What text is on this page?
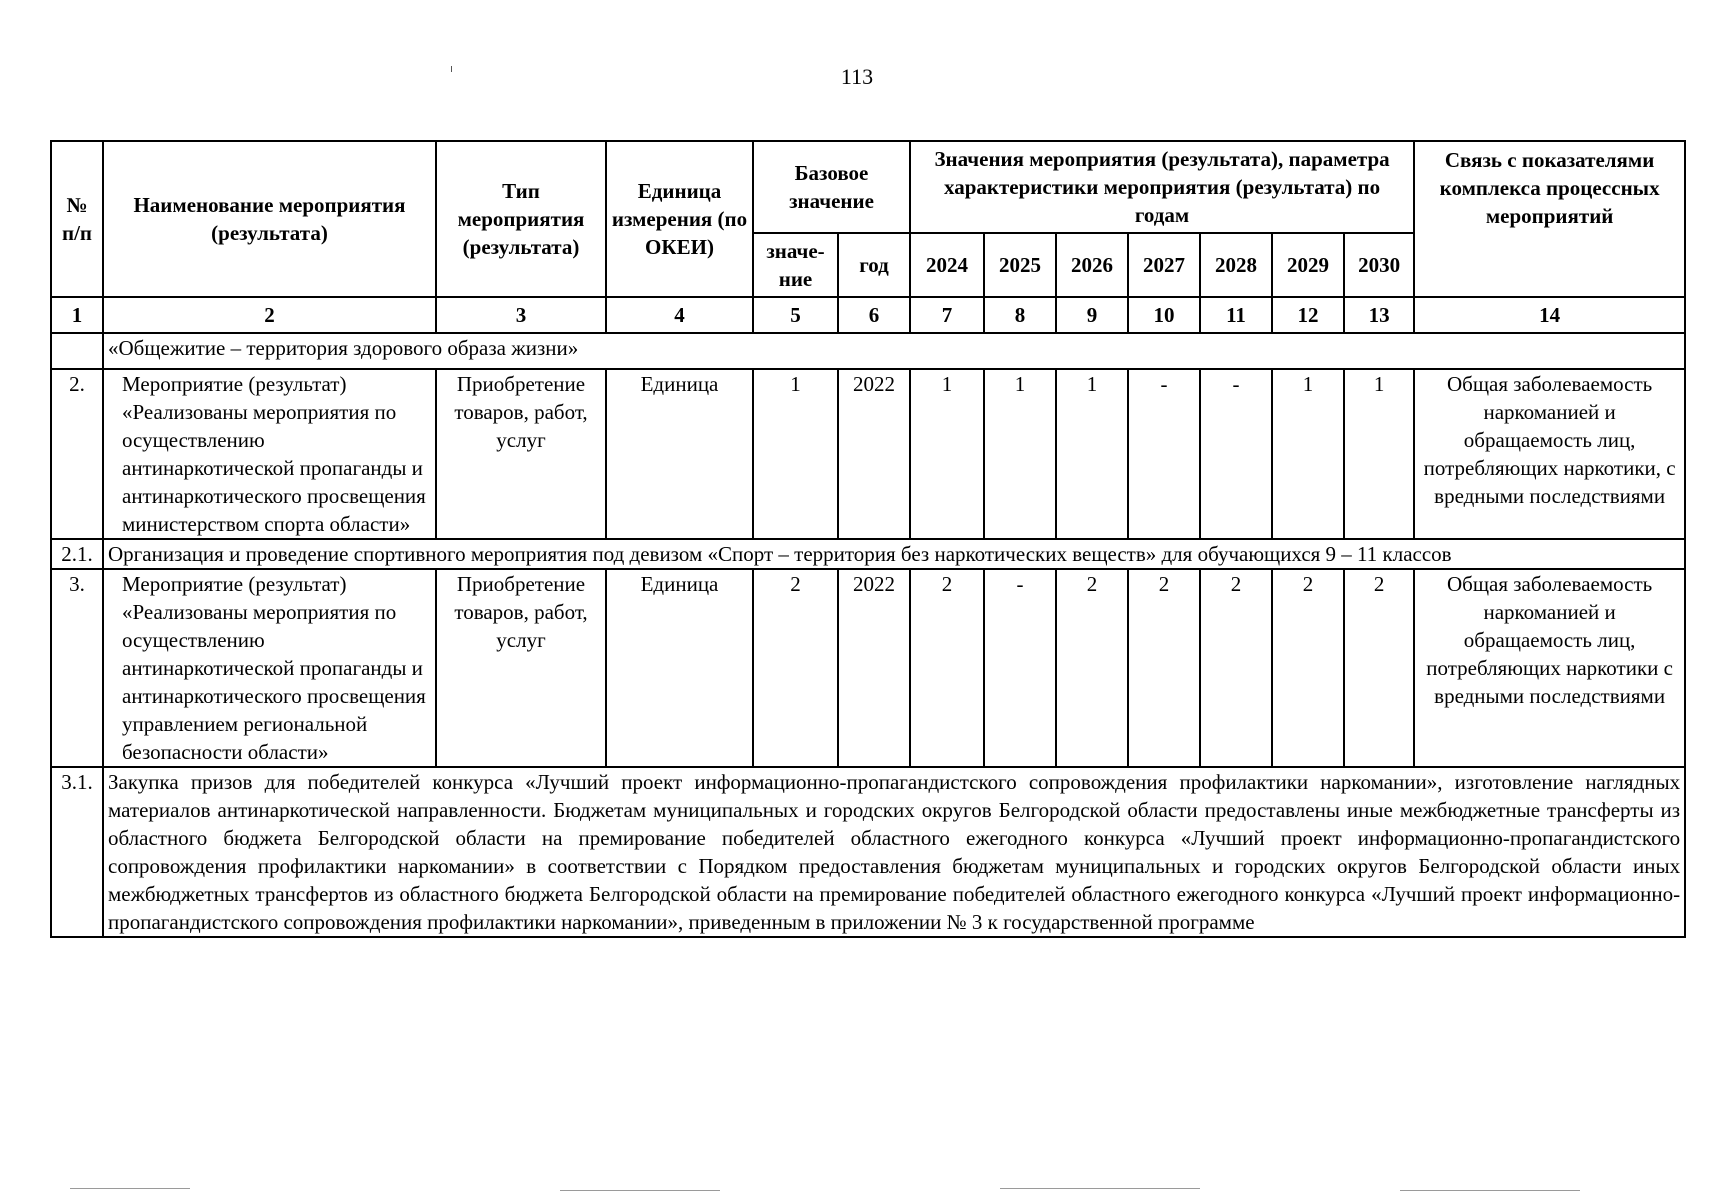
113
№ п/п	Наименование мероприятия (результата)	Тип мероприятия (результата)	Единица измерения (по ОКЕИ)	Базовое значение		Значения мероприятия (результата), параметра характеристики мероприятия (результата) по годам							Связь с показателями комплекса процессных мероприятий
				значе-ние	год	2024	2025	2026	2027	2028	2029	2030	
1	2	3	4	5	6	7	8	9	10	11	12	13	14
	«Общежитие – территория здорового образа жизни»												
2.	Мероприятие (результат) «Реализованы мероприятия по осуществлению антинаркотической пропаганды и антинаркотического просвещения министерством спорта области»	Приобретение товаров, работ, услуг	Единица	1	2022	1	1	1	-	-	1	1	Общая заболеваемость наркоманией и обращаемость лиц, потребляющих наркотики, с вредными последствиями
2.1.	Организация и проведение спортивного мероприятия под девизом «Спорт – территория без наркотических веществ» для обучающихся 9 – 11 классов												
3.	Мероприятие (результат) «Реализованы мероприятия по осуществлению антинаркотической пропаганды и антинаркотического просвещения управлением региональной безопасности области»	Приобретение товаров, работ, услуг	Единица	2	2022	2	-	2	2	2	2	2	Общая заболеваемость наркоманией и обращаемость лиц, потребляющих наркотики с вредными последствиями
3.1.	Закупка призов для победителей конкурса «Лучший проект информационно-пропагандистского сопровождения профилактики наркомании», изготовление наглядных материалов антинаркотической направленности. Бюджетам муниципальных и городских округов Белгородской области предоставлены иные межбюджетные трансферты из областного бюджета Белгородской области на премирование победителей областного ежегодного конкурса «Лучший проект информационно-пропагандистского сопровождения профилактики наркомании» в соответствии с Порядком предоставления бюджетам муниципальных и городских округов Белгородской области иных межбюджетных трансфертов из областного бюджета Белгородской области на премирование победителей областного ежегодного конкурса «Лучший проект информационно-пропагандистского сопровождения профилактики наркомании», приведенным в приложении № 3 к государственной программе												
